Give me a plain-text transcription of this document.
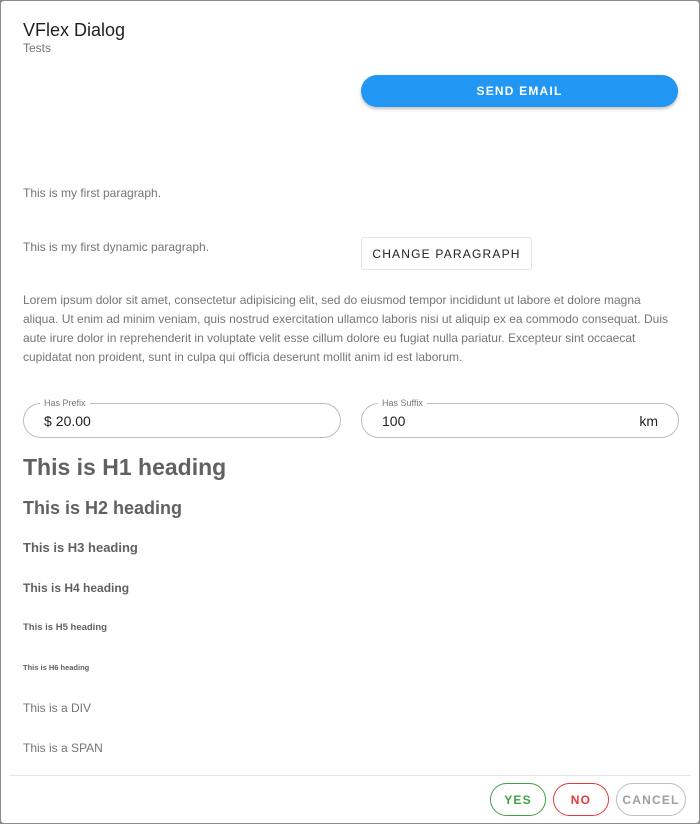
VFlex Dialog
Tests
SEND EMAIL
This is my first paragraph.
This is my first dynamic paragraph.	CHANGE PARAGRAPH
Lorem ipsum dolor sit amet, consectetur adipisicing elit, sed do eiusmod tempor incididunt ut labore et dolore magna aliqua. Ut enim ad minim veniam, quis nostrud exercitation ullamco laboris nisi ut aliquip ex ea commodo consequat. Duis aute irure dolor in reprehenderit in voluptate velit esse cillum dolore eu fugiat nulla pariatur. Excepteur sint occaecat cupidatat non proident, sunt in culpa qui officia deserunt mollit anim id est laborum.
Has Prefix
$
20.00
Has Suffix
100
km
This is H1 heading
This is H2 heading
This is H3 heading
This is H4 heading
This is H5 heading
This is H6 heading
This is a DIV
This is a SPAN
YES	NO	CANCEL
